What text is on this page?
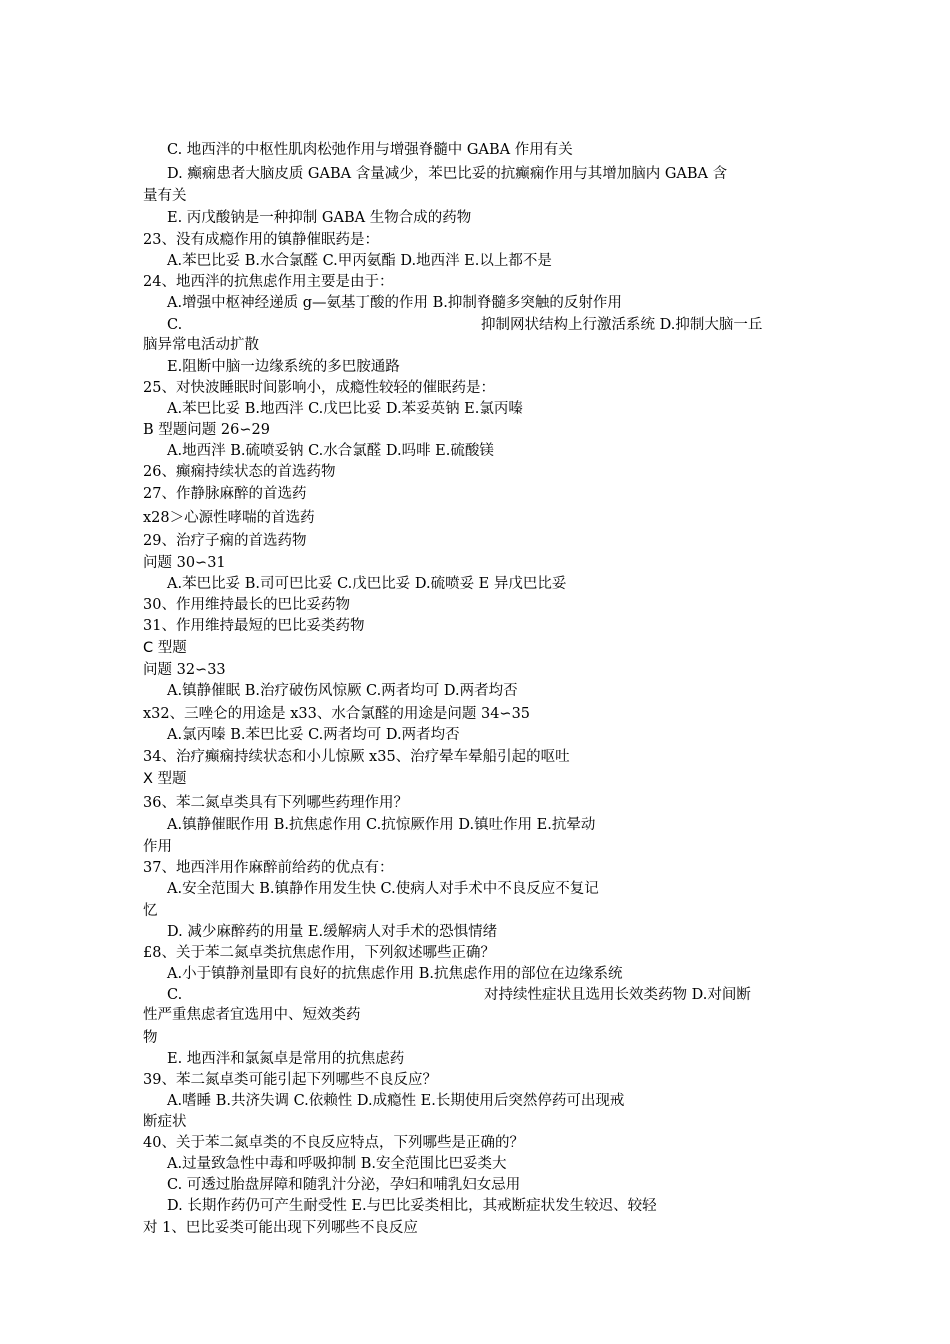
C. 地西泮的中枢性肌肉松弛作用与增强脊髓中 GABA 作用有关

D. 癫痫患者大脑皮质 GABA 含量减少，苯巴比妥的抗癫痫作用与其增加脑内 GABA 含

量有关

E. 丙戊酸钠是一种抑制 GABA 生物合成的药物

23、没有成瘾作用的镇静催眠药是：

A.苯巴比妥 B.水合氯醛 C.甲丙氨酯 D.地西泮 E.以上都不是

24、地西泮的抗焦虑作用主要是由于：

A.增强中枢神经递质 g—氨基丁酸的作用 B.抑制脊髓多突触的反射作用

C.	抑制网状结构上行激活系统 D.抑制大脑一丘

脑异常电活动扩散

E.阻断中脑一边缘系统的多巴胺通路

25、对快波睡眠时间影响小，成瘾性较轻的催眠药是：

A.苯巴比妥 B.地西泮 C.戊巴比妥 D.苯妥英钠 E.氯丙嗪

B 型题问题 26∽29

A.地西泮 B.硫喷妥钠 C.水合氯醛 D.吗啡 E.硫酸镁

26、癫痫持续状态的首选药物

27、作静脉麻醉的首选药

x28＞心源性哮喘的首选药

29、治疗子痫的首选药物

问题 30∽31

A.苯巴比妥 B.司可巴比妥 C.戊巴比妥 D.硫喷妥 E 异戊巴比妥

30、作用维持最长的巴比妥药物

31、作用维持最短的巴比妥类药物

C 型题

问题 32∽33

A.镇静催眠 B.治疗破伤风惊厥 C.两者均可 D.两者均否

x32、三唑仑的用途是 x33、水合氯醛的用途是问题 34∽35

A.氯丙嗪 B.苯巴比妥 C.两者均可 D.两者均否

34、治疗癫痫持续状态和小儿惊厥 x35、治疗晕车晕船引起的呕吐

X 型题

36、苯二氮卓类具有下列哪些药理作用？

A.镇静催眠作用 B.抗焦虑作用 C.抗惊厥作用 D.镇吐作用 E.抗晕动

作用

37、地西泮用作麻醉前给药的优点有：

A.安全范围大 B.镇静作用发生快 C.使病人对手术中不良反应不复记

忆

D. 减少麻醉药的用量 E.缓解病人对手术的恐惧情绪

£8、关于苯二氮卓类抗焦虑作用，下列叙述哪些正确？

A.小于镇静剂量即有良好的抗焦虑作用 B.抗焦虑作用的部位在边缘系统

C.	对持续性症状且选用长效类药物 D.对间断

性严重焦虑者宜选用中、短效类药

物

E. 地西泮和氯氮卓是常用的抗焦虑药

39、苯二氮卓类可能引起下列哪些不良反应？

A.嗜睡 B.共济失调 C.依赖性 D.成瘾性 E.长期使用后突然停药可出现戒

断症状

40、关于苯二氮卓类的不良反应特点，下列哪些是正确的？

A.过量致急性中毒和呼吸抑制 B.安全范围比巴妥类大

C. 可透过胎盘屏障和随乳汁分泌，孕妇和哺乳妇女忌用

D. 长期作药仍可产生耐受性 E.与巴比妥类相比，其戒断症状发生较迟、较轻

对 1、巴比妥类可能出现下列哪些不良反应
